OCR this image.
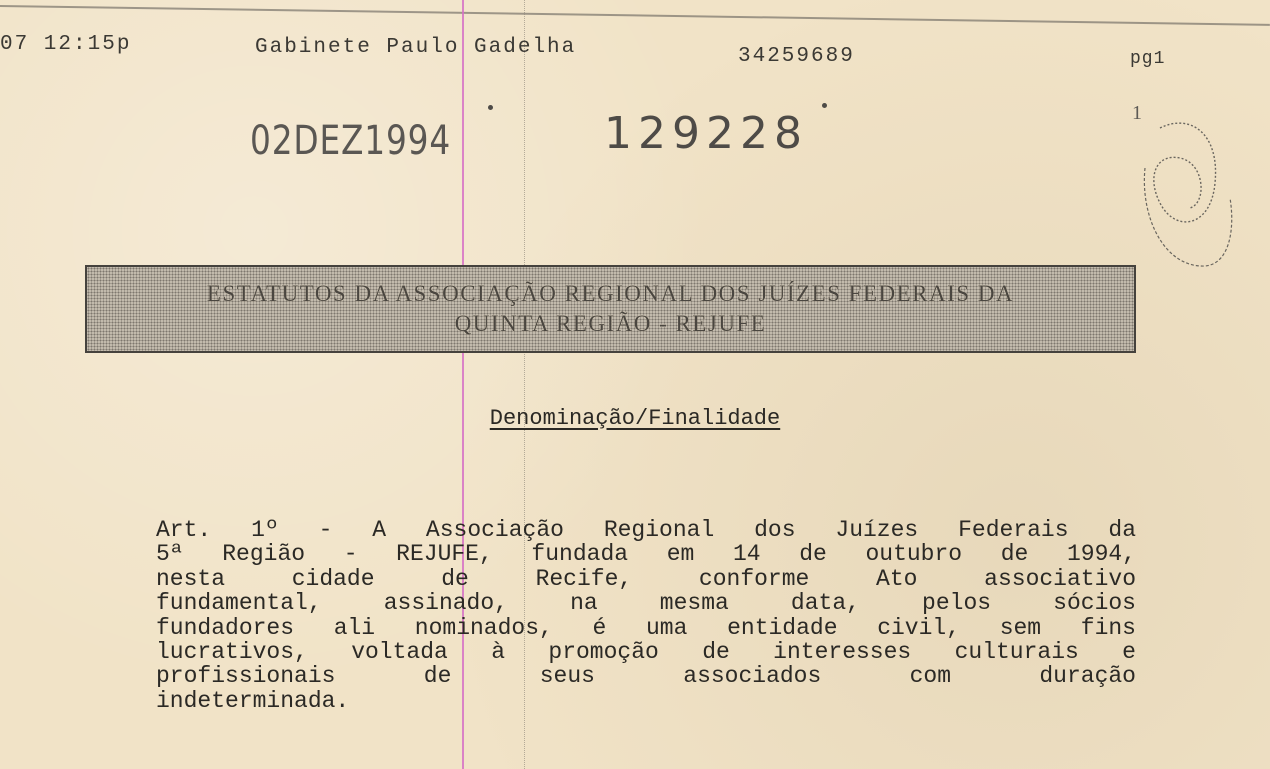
07 12:15p	Gabinete Paulo Gadelha	34259689	pg1
02DEZ1994	129228	1
ESTATUTOS DA ASSOCIAÇÃO REGIONAL DOS JUÍZES FEDERAIS DA
QUINTA REGIÃO - REJUFE
Denominação/Finalidade
Art. 1º - A Associação Regional dos Juízes Federais da
5ª Região - REJUFE, fundada em 14 de outubro de 1994,
nesta cidade de Recife, conforme Ato associativo
fundamental, assinado, na mesma data, pelos sócios
fundadores ali nominados, é uma entidade civil, sem fins
lucrativos, voltada à promoção de interesses culturais e
profissionais de seus associados com duração
indeterminada.
